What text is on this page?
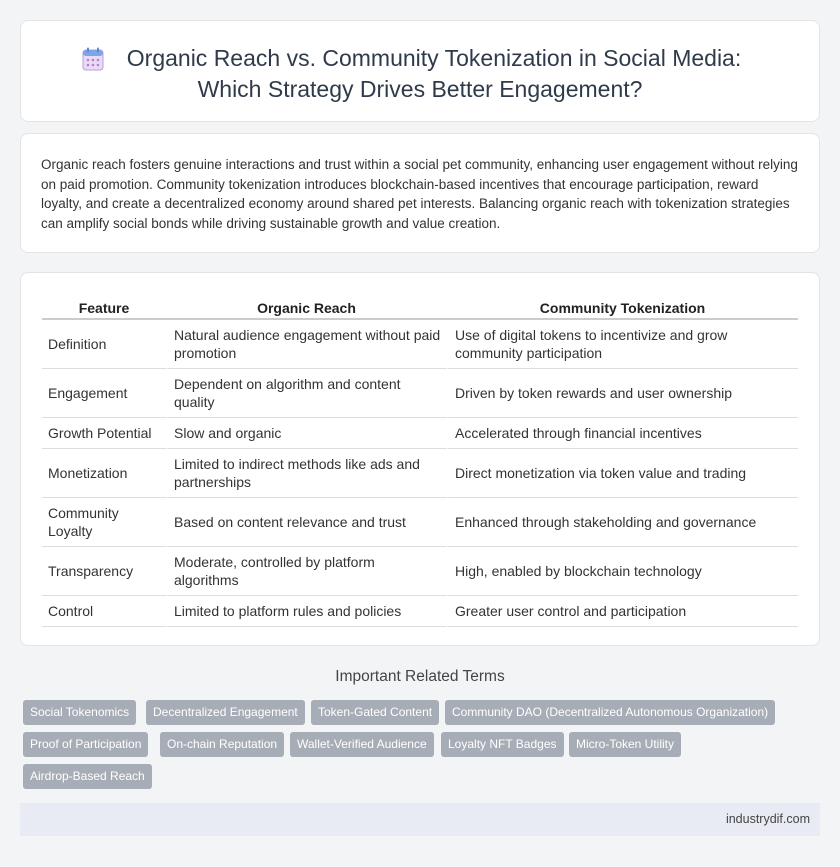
Organic Reach vs. Community Tokenization in Social Media:
Which Strategy Drives Better Engagement?

Organic reach fosters genuine interactions and trust within a social pet community, enhancing user engagement without relying on paid promotion. Community tokenization introduces blockchain-based incentives that encourage participation, reward loyalty, and create a decentralized economy around shared pet interests. Balancing organic reach with tokenization strategies can amplify social bonds while driving sustainable growth and value creation.

Feature	Organic Reach	Community Tokenization
Definition	Natural audience engagement without paid promotion	Use of digital tokens to incentivize and grow community participation
Engagement	Dependent on algorithm and content quality	Driven by token rewards and user ownership
Growth Potential	Slow and organic	Accelerated through financial incentives
Monetization	Limited to indirect methods like ads and partnerships	Direct monetization via token value and trading
Community Loyalty	Based on content relevance and trust	Enhanced through stakeholding and governance
Transparency	Moderate, controlled by platform algorithms	High, enabled by blockchain technology
Control	Limited to platform rules and policies	Greater user control and participation
Important Related Terms
Social Tokenomics	Decentralized Engagement	Token-Gated Content	Community DAO (Decentralized Autonomous Organization)
Proof of Participation	On-chain Reputation	Wallet-Verified Audience	Loyalty NFT Badges	Micro-Token Utility
Airdrop-Based Reach
industrydif.com
